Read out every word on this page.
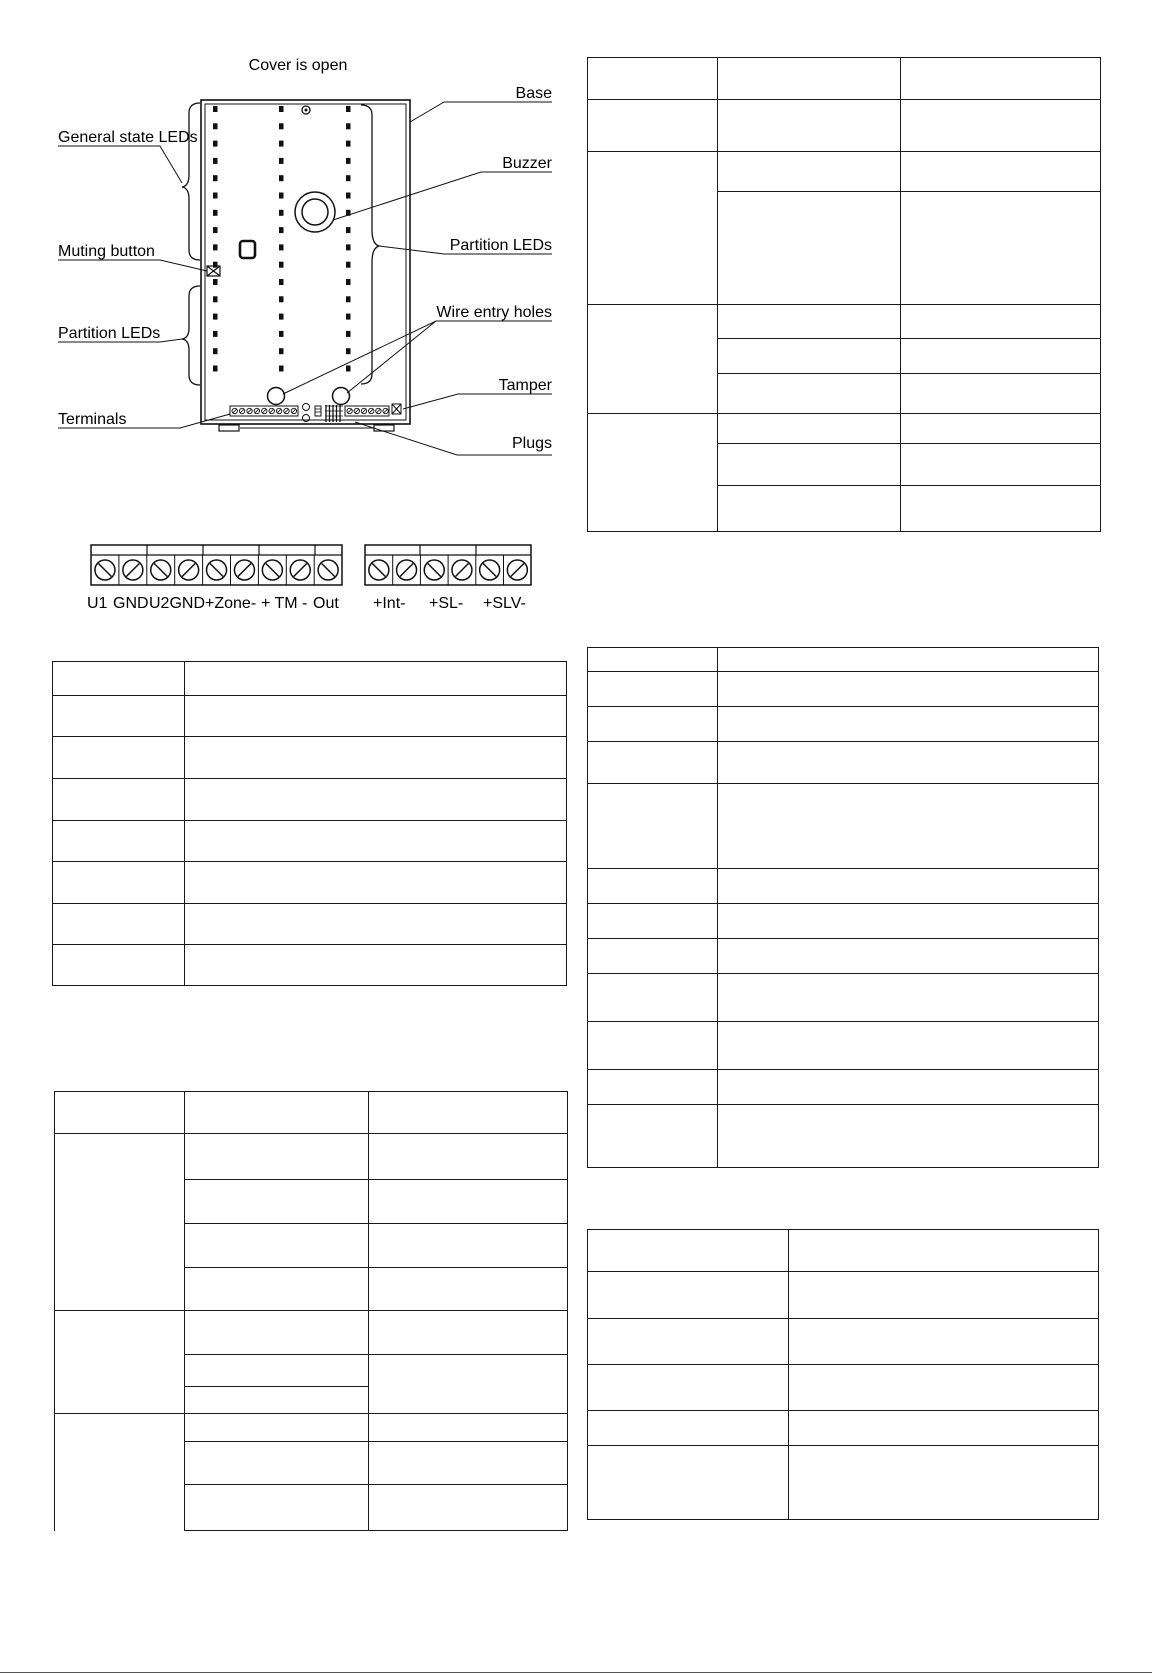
Cover is open
Base
General state LEDs
Buzzer
Muting button	Partition LEDs
Wire entry holes
Partition LEDs
Tamper
Terminals
Plugs
U1 GND U2GND+Zone- + TM - Out +Int- +SL- +SLV-
